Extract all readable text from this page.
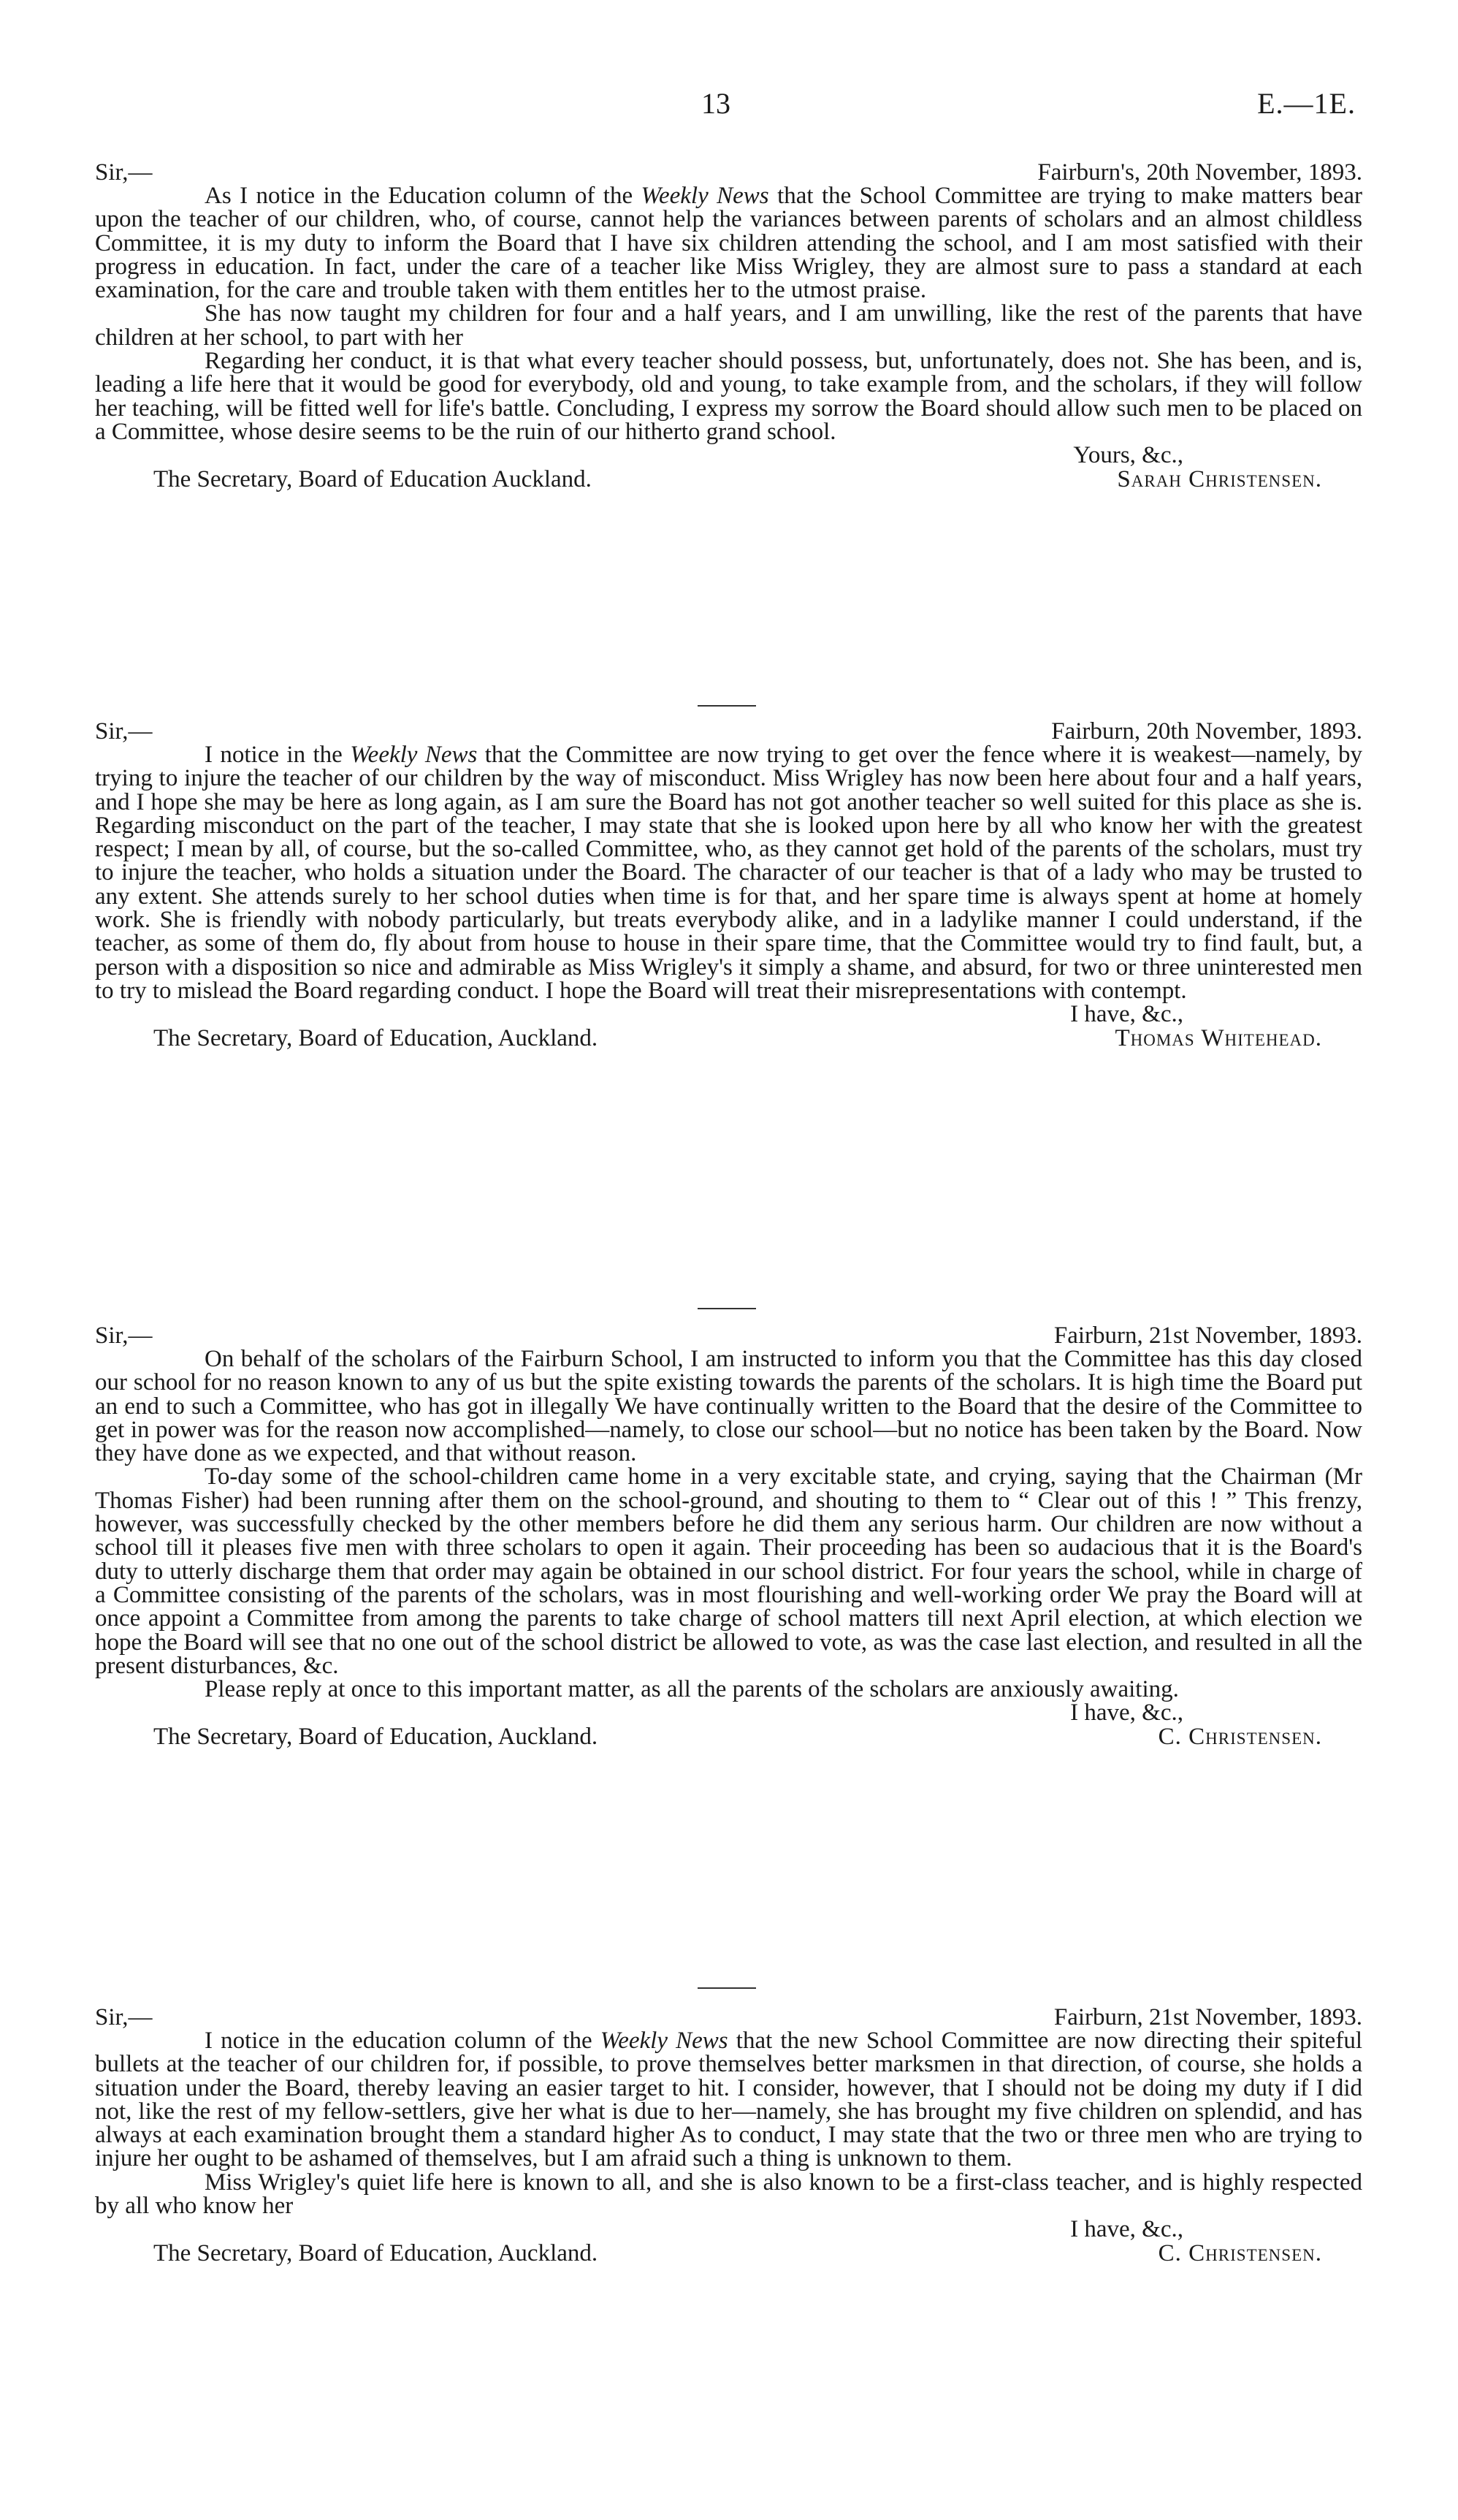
13	E.—1E.
Sir,—	Fairburn's, 20th November, 1893.

As I notice in the Education column of the Weekly News that the School Committee are trying to make matters bear upon the teacher of our children, who, of course, cannot help the variances between parents of scholars and an almost childless Committee, it is my duty to inform the Board that I have six children attending the school, and I am most satisfied with their progress in education. In fact, under the care of a teacher like Miss Wrigley, they are almost sure to pass a standard at each examination, for the care and trouble taken with them entitles her to the utmost praise.

She has now taught my children for four and a half years, and I am unwilling, like the rest of the parents that have children at her school, to part with her

Regarding her conduct, it is that what every teacher should possess, but, unfortunately, does not. She has been, and is, leading a life here that it would be good for everybody, old and young, to take example from, and the scholars, if they will follow her teaching, will be fitted well for life's battle. Concluding, I express my sorrow the Board should allow such men to be placed on a Committee, whose desire seems to be the ruin of our hitherto grand school.

Yours, &c.,
The Secretary, Board of Education Auckland.	Sarah Christensen.
Sir,—	Fairburn, 20th November, 1893.

I notice in the Weekly News that the Committee are now trying to get over the fence where it is weakest—namely, by trying to injure the teacher of our children by the way of misconduct. Miss Wrigley has now been here about four and a half years, and I hope she may be here as long again, as I am sure the Board has not got another teacher so well suited for this place as she is. Regarding misconduct on the part of the teacher, I may state that she is looked upon here by all who know her with the greatest respect; I mean by all, of course, but the so-called Committee, who, as they cannot get hold of the parents of the scholars, must try to injure the teacher, who holds a situation under the Board. The character of our teacher is that of a lady who may be trusted to any extent. She attends surely to her school duties when time is for that, and her spare time is always spent at home at homely work. She is friendly with nobody particularly, but treats everybody alike, and in a ladylike manner I could understand, if the teacher, as some of them do, fly about from house to house in their spare time, that the Committee would try to find fault, but, a person with a disposition so nice and admirable as Miss Wrigley's it simply a shame, and absurd, for two or three uninterested men to try to mislead the Board regarding conduct. I hope the Board will treat their misrepresentations with contempt.

I have, &c.,
The Secretary, Board of Education, Auckland.	Thomas Whitehead.
Sir,—	Fairburn, 21st November, 1893.

On behalf of the scholars of the Fairburn School, I am instructed to inform you that the Committee has this day closed our school for no reason known to any of us but the spite existing towards the parents of the scholars. It is high time the Board put an end to such a Committee, who has got in illegally We have continually written to the Board that the desire of the Committee to get in power was for the reason now accomplished—namely, to close our school—but no notice has been taken by the Board. Now they have done as we expected, and that without reason.

To-day some of the school-children came home in a very excitable state, and crying, saying that the Chairman (Mr Thomas Fisher) had been running after them on the school-ground, and shouting to them to “ Clear out of this ! ” This frenzy, however, was successfully checked by the other members before he did them any serious harm. Our children are now without a school till it pleases five men with three scholars to open it again. Their proceeding has been so audacious that it is the Board's duty to utterly discharge them that order may again be obtained in our school district. For four years the school, while in charge of a Committee consisting of the parents of the scholars, was in most flourishing and well-working order We pray the Board will at once appoint a Committee from among the parents to take charge of school matters till next April election, at which election we hope the Board will see that no one out of the school district be allowed to vote, as was the case last election, and resulted in all the present disturbances, &c.

Please reply at once to this important matter, as all the parents of the scholars are anxiously awaiting.

I have, &c.,
The Secretary, Board of Education, Auckland.	C. Christensen.
Sir,—	Fairburn, 21st November, 1893.

I notice in the education column of the Weekly News that the new School Committee are now directing their spiteful bullets at the teacher of our children for, if possible, to prove themselves better marksmen in that direction, of course, she holds a situation under the Board, thereby leaving an easier target to hit. I consider, however, that I should not be doing my duty if I did not, like the rest of my fellow-settlers, give her what is due to her—namely, she has brought my five children on splendid, and has always at each examination brought them a standard higher As to conduct, I may state that the two or three men who are trying to injure her ought to be ashamed of themselves, but I am afraid such a thing is unknown to them.

Miss Wrigley's quiet life here is known to all, and she is also known to be a first-class teacher, and is highly respected by all who know her

I have, &c.,
The Secretary, Board of Education, Auckland.	C. Christensen.
